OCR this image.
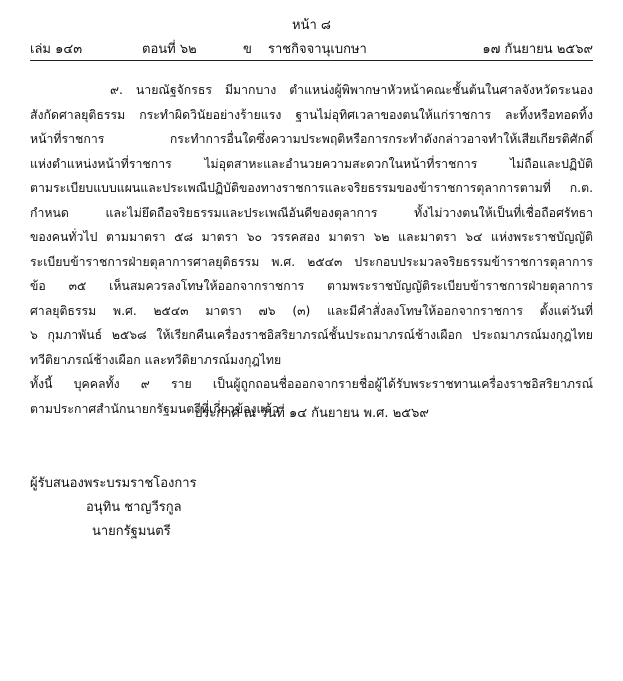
หน้า ๘
เล่ม ๑๔๓	ตอนที่ ๖๒	ข ราชกิจจานุเบกษา	๑๗ กันยายน ๒๕๖๙
๙. นายณัฐจักรธร มีมากบาง ตำแหน่งผู้พิพากษาหัวหน้าคณะชั้นต้นในศาลจังหวัดระนอง
สังกัดศาลยุติธรรม กระทำผิดวินัยอย่างร้ายแรง ฐานไม่อุทิศเวลาของตนให้แก่ราชการ ละทิ้งหรือทอดทิ้ง
หน้าที่ราชการ กระทำการอื่นใดซึ่งความประพฤติหรือการกระทำดังกล่าวอาจทำให้เสียเกียรติศักดิ์
แห่งตำแหน่งหน้าที่ราชการ ไม่อุตสาหะและอำนวยความสะดวกในหน้าที่ราชการ ไม่ถือและปฏิบัติ
ตามระเบียบแบบแผนและประเพณีปฏิบัติของทางราชการและจริยธรรมของข้าราชการตุลาการตามที่ ก.ต.
กำหนด และไม่ยึดถือจริยธรรมและประเพณีอันดีของตุลาการ ทั้งไม่วางตนให้เป็นที่เชื่อถือศรัทธา
ของคนทั่วไป ตามมาตรา ๕๘ มาตรา ๖๐ วรรคสอง มาตรา ๖๒ และมาตรา ๖๔ แห่งพระราชบัญญัติ
ระเบียบข้าราชการฝ่ายตุลาการศาลยุติธรรม พ.ศ. ๒๕๔๓ ประกอบประมวลจริยธรรมข้าราชการตุลาการ
ข้อ ๓๕ เห็นสมควรลงโทษให้ออกจากราชการ ตามพระราชบัญญัติระเบียบข้าราชการฝ่ายตุลาการ
ศาลยุติธรรม พ.ศ. ๒๕๔๓ มาตรา ๗๖ (๓) และมีคำสั่งลงโทษให้ออกจากราชการ ตั้งแต่วันที่
๖ กุมภาพันธ์ ๒๕๖๘ ให้เรียกคืนเครื่องราชอิสริยาภรณ์ชั้นประถมาภรณ์ช้างเผือก ประถมาภรณ์มงกุฎไทย
ทวีติยาภรณ์ช้างเผือก และทวีติยาภรณ์มงกุฎไทย
ทั้งนี้ บุคคลทั้ง ๙ ราย เป็นผู้ถูกถอนชื่อออกจากรายชื่อผู้ได้รับพระราชทานเครื่องราชอิสริยาภรณ์
ตามประกาศสำนักนายกรัฐมนตรีที่เกี่ยวข้องแล้ว
ประกาศ ณ วันที่ ๑๔ กันยายน พ.ศ. ๒๕๖๙
ผู้รับสนองพระบรมราชโองการ
อนุทิน ชาญวีรกูล
นายกรัฐมนตรี
